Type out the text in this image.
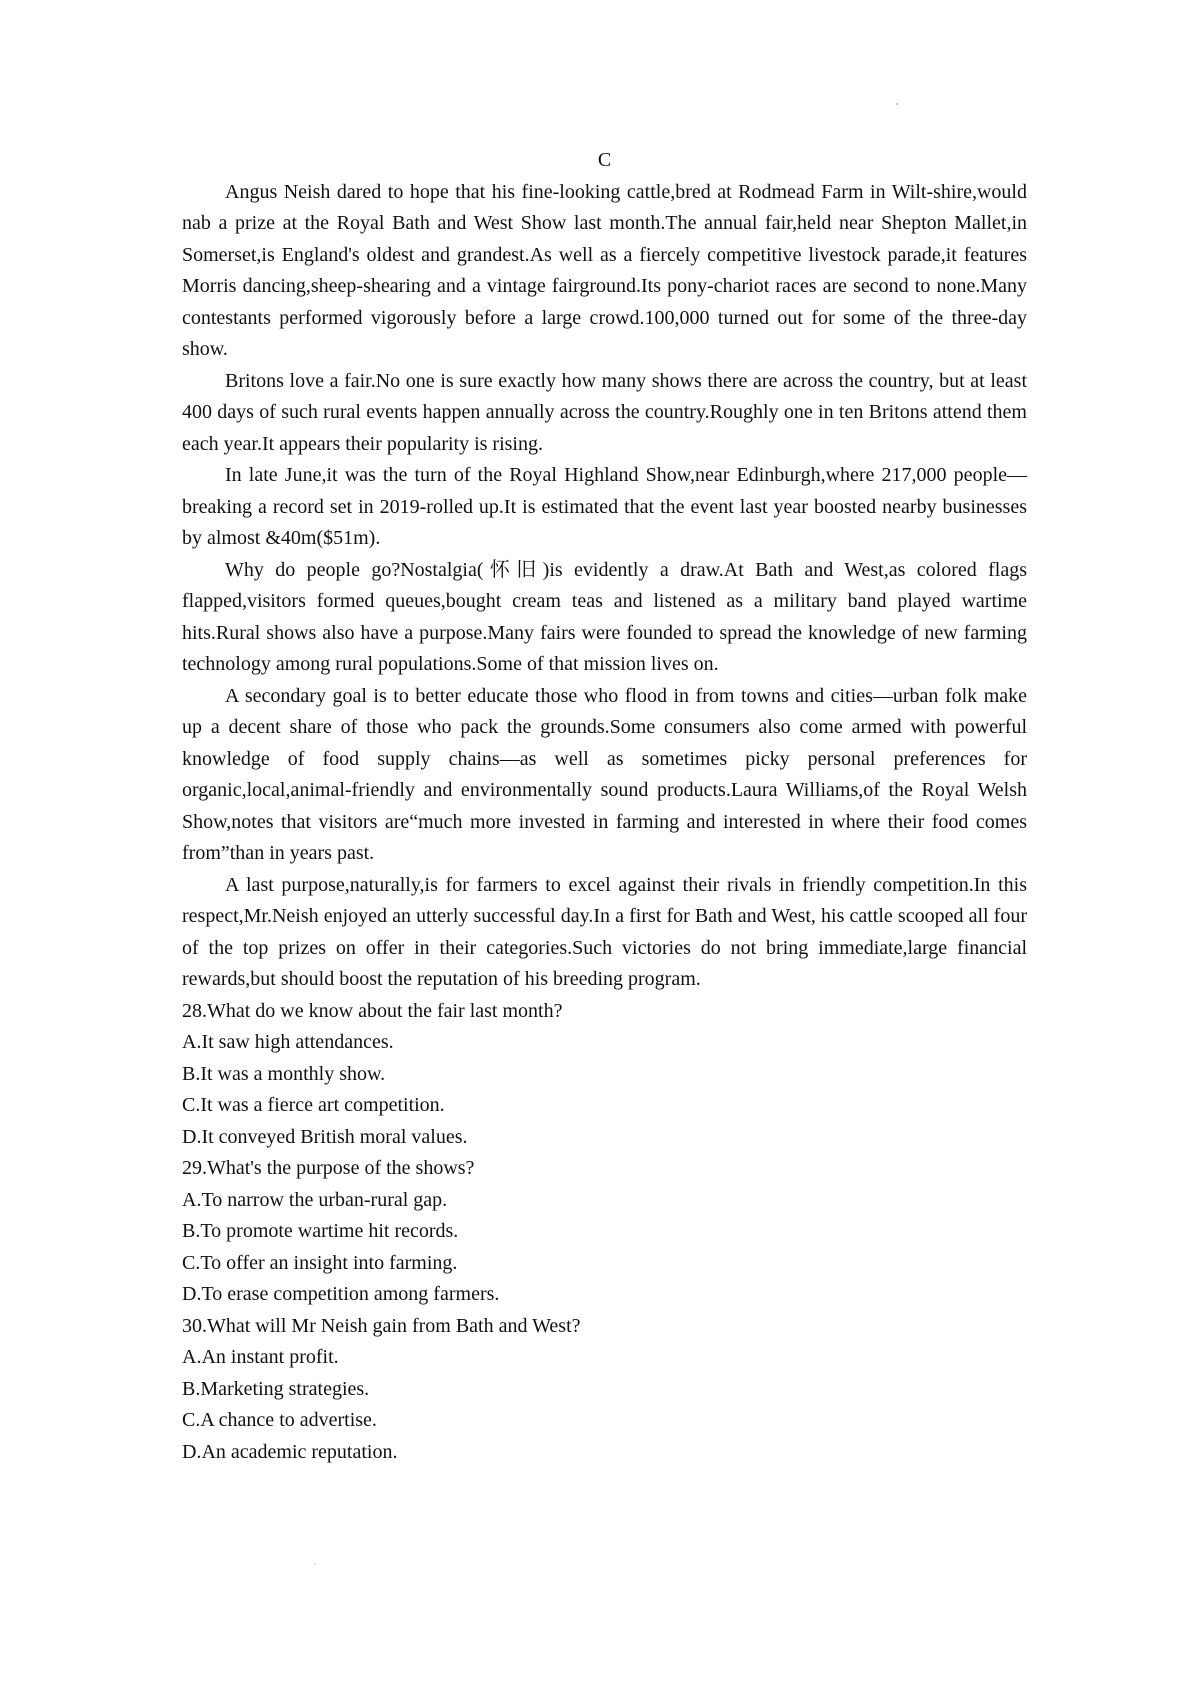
C

Angus Neish dared to hope that his fine-looking cattle,bred at Rodmead Farm in Wilt-shire,would nab a prize at the Royal Bath and West Show last month.The annual fair,held near Shepton Mallet,in Somerset,is England's oldest and grandest.As well as a fiercely competitive livestock parade,it features Morris dancing,sheep-shearing and a vintage fairground.Its pony-chariot races are second to none.Many contestants performed vigorously before a large crowd.100,000 turned out for some of the three-day show.

Britons love a fair.No one is sure exactly how many shows there are across the country, but at least 400 days of such rural events happen annually across the country.Roughly one in ten Britons attend them each year.It appears their popularity is rising.

In late June,it was the turn of the Royal Highland Show,near Edinburgh,where 217,000 people—breaking a record set in 2019-rolled up.It is estimated that the event last year boosted nearby businesses by almost &40m($51m).

Why do people go?Nostalgia(怀旧)is evidently a draw.At Bath and West,as colored flags flapped,visitors formed queues,bought cream teas and listened as a military band played wartime hits.Rural shows also have a purpose.Many fairs were founded to spread the knowledge of new farming technology among rural populations.Some of that mission lives on.

A secondary goal is to better educate those who flood in from towns and cities—urban folk make up a decent share of those who pack the grounds.Some consumers also come armed with powerful knowledge of food supply chains—as well as sometimes picky personal preferences for organic,local,animal-friendly and environmentally sound products.Laura Williams,of the Royal Welsh Show,notes that visitors are“much more invested in farming and interested in where their food comes from”than in years past.

A last purpose,naturally,is for farmers to excel against their rivals in friendly competition.In this respect,Mr.Neish enjoyed an utterly successful day.In a first for Bath and West, his cattle scooped all four of the top prizes on offer in their categories.Such victories do not bring immediate,large financial rewards,but should boost the reputation of his breeding program.

28.What do we know about the fair last month?

A.It saw high attendances.

B.It was a monthly show.

C.It was a fierce art competition.

D.It conveyed British moral values.

29.What's the purpose of the shows?

A.To narrow the urban-rural gap.

B.To promote wartime hit records.

C.To offer an insight into farming.

D.To erase competition among farmers.

30.What will Mr Neish gain from Bath and West?

A.An instant profit.

B.Marketing strategies.

C.A chance to advertise.

D.An academic reputation.
